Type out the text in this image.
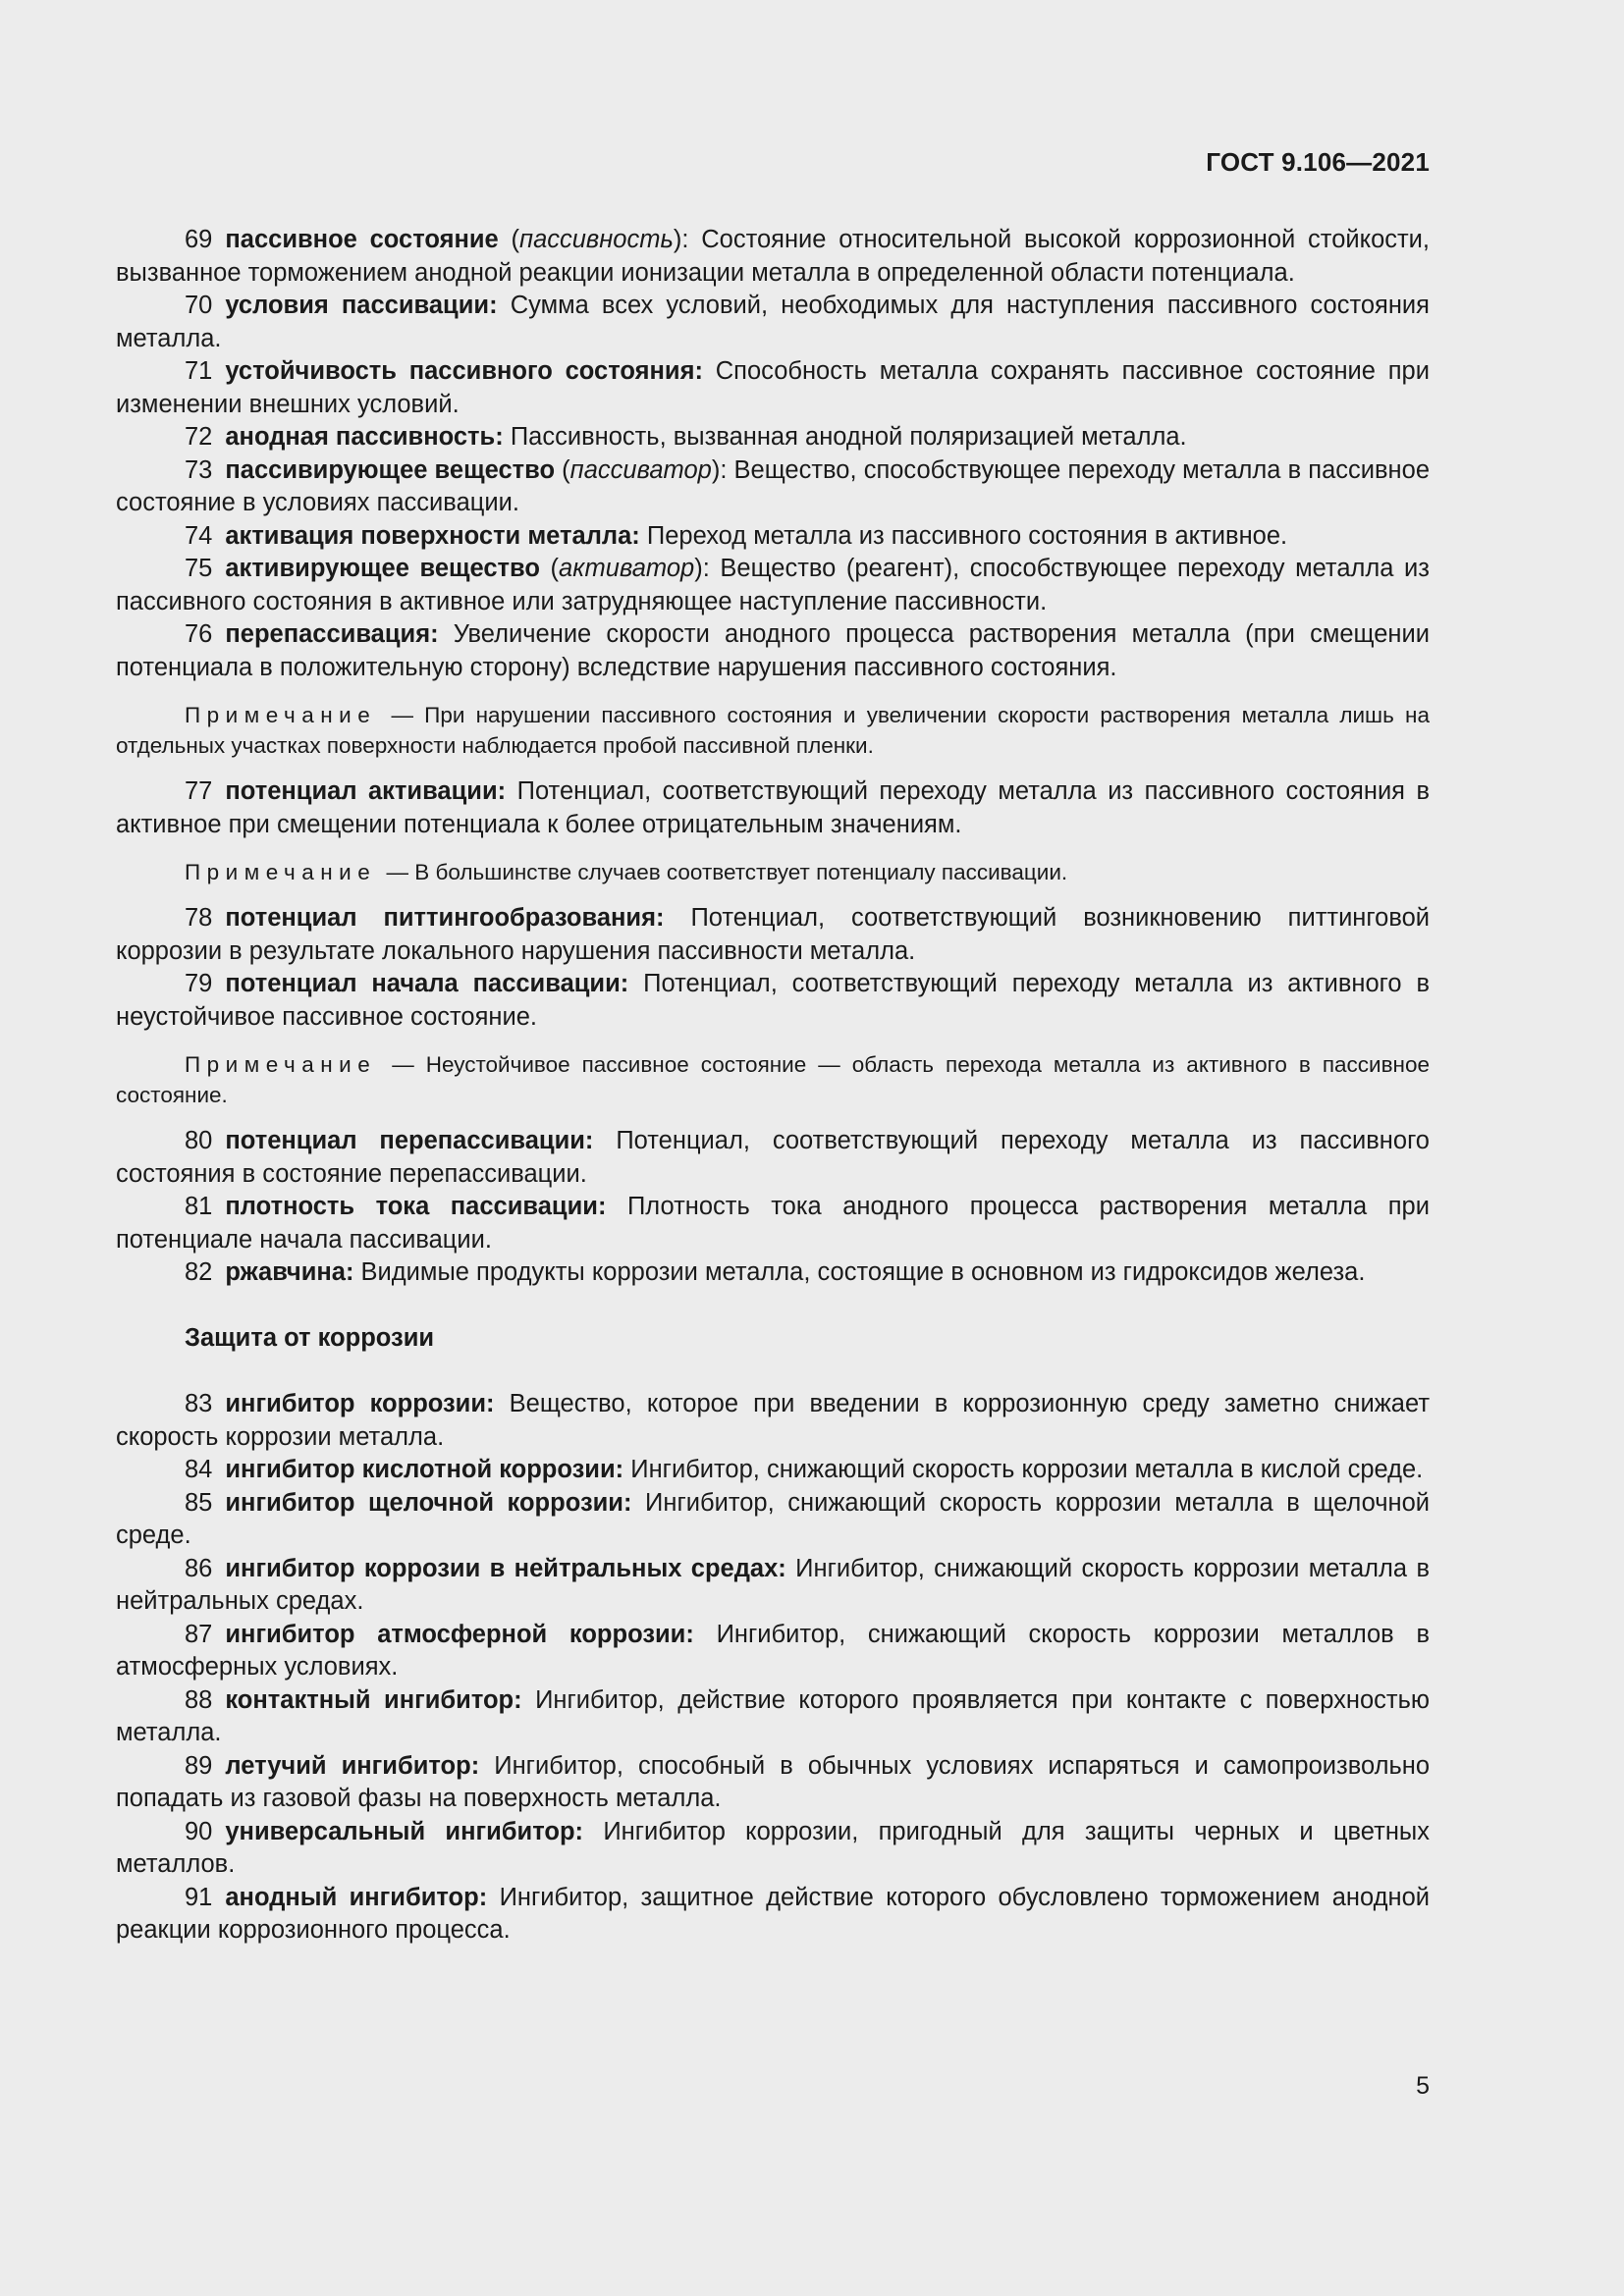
ГОСТ 9.106—2021

69 пассивное состояние (пассивность): Состояние относительной высокой коррозионной стойкости, вызванное торможением анодной реакции ионизации металла в определенной области потенциала.

70 условия пассивации: Сумма всех условий, необходимых для наступления пассивного состояния металла.

71 устойчивость пассивного состояния: Способность металла сохранять пассивное состояние при изменении внешних условий.

72 анодная пассивность: Пассивность, вызванная анодной поляризацией металла.

73 пассивирующее вещество (пассиватор): Вещество, способствующее переходу металла в пассивное состояние в условиях пассивации.

74 активация поверхности металла: Переход металла из пассивного состояния в активное.

75 активирующее вещество (активатор): Вещество (реагент), способствующее переходу металла из пассивного состояния в активное или затрудняющее наступление пассивности.

76 перепассивация: Увеличение скорости анодного процесса растворения металла (при смещении потенциала в положительную сторону) вследствие нарушения пассивного состояния.

Примечание — При нарушении пассивного состояния и увеличении скорости растворения металла лишь на отдельных участках поверхности наблюдается пробой пассивной пленки.

77 потенциал активации: Потенциал, соответствующий переходу металла из пассивного состояния в активное при смещении потенциала к более отрицательным значениям.

Примечание — В большинстве случаев соответствует потенциалу пассивации.

78 потенциал питтингообразования: Потенциал, соответствующий возникновению питтинговой коррозии в результате локального нарушения пассивности металла.

79 потенциал начала пассивации: Потенциал, соответствующий переходу металла из активного в неустойчивое пассивное состояние.

Примечание — Неустойчивое пассивное состояние — область перехода металла из активного в пассивное состояние.

80 потенциал перепассивации: Потенциал, соответствующий переходу металла из пассивного состояния в состояние перепассивации.

81 плотность тока пассивации: Плотность тока анодного процесса растворения металла при потенциале начала пассивации.

82 ржавчина: Видимые продукты коррозии металла, состоящие в основном из гидроксидов железа.

Защита от коррозии

83 ингибитор коррозии: Вещество, которое при введении в коррозионную среду заметно снижает скорость коррозии металла.

84 ингибитор кислотной коррозии: Ингибитор, снижающий скорость коррозии металла в кислой среде.

85 ингибитор щелочной коррозии: Ингибитор, снижающий скорость коррозии металла в щелочной среде.

86 ингибитор коррозии в нейтральных средах: Ингибитор, снижающий скорость коррозии металла в нейтральных средах.

87 ингибитор атмосферной коррозии: Ингибитор, снижающий скорость коррозии металлов в атмосферных условиях.

88 контактный ингибитор: Ингибитор, действие которого проявляется при контакте с поверхностью металла.

89 летучий ингибитор: Ингибитор, способный в обычных условиях испаряться и самопроизвольно попадать из газовой фазы на поверхность металла.

90 универсальный ингибитор: Ингибитор коррозии, пригодный для защиты черных и цветных металлов.

91 анодный ингибитор: Ингибитор, защитное действие которого обусловлено торможением анодной реакции коррозионного процесса.

5
